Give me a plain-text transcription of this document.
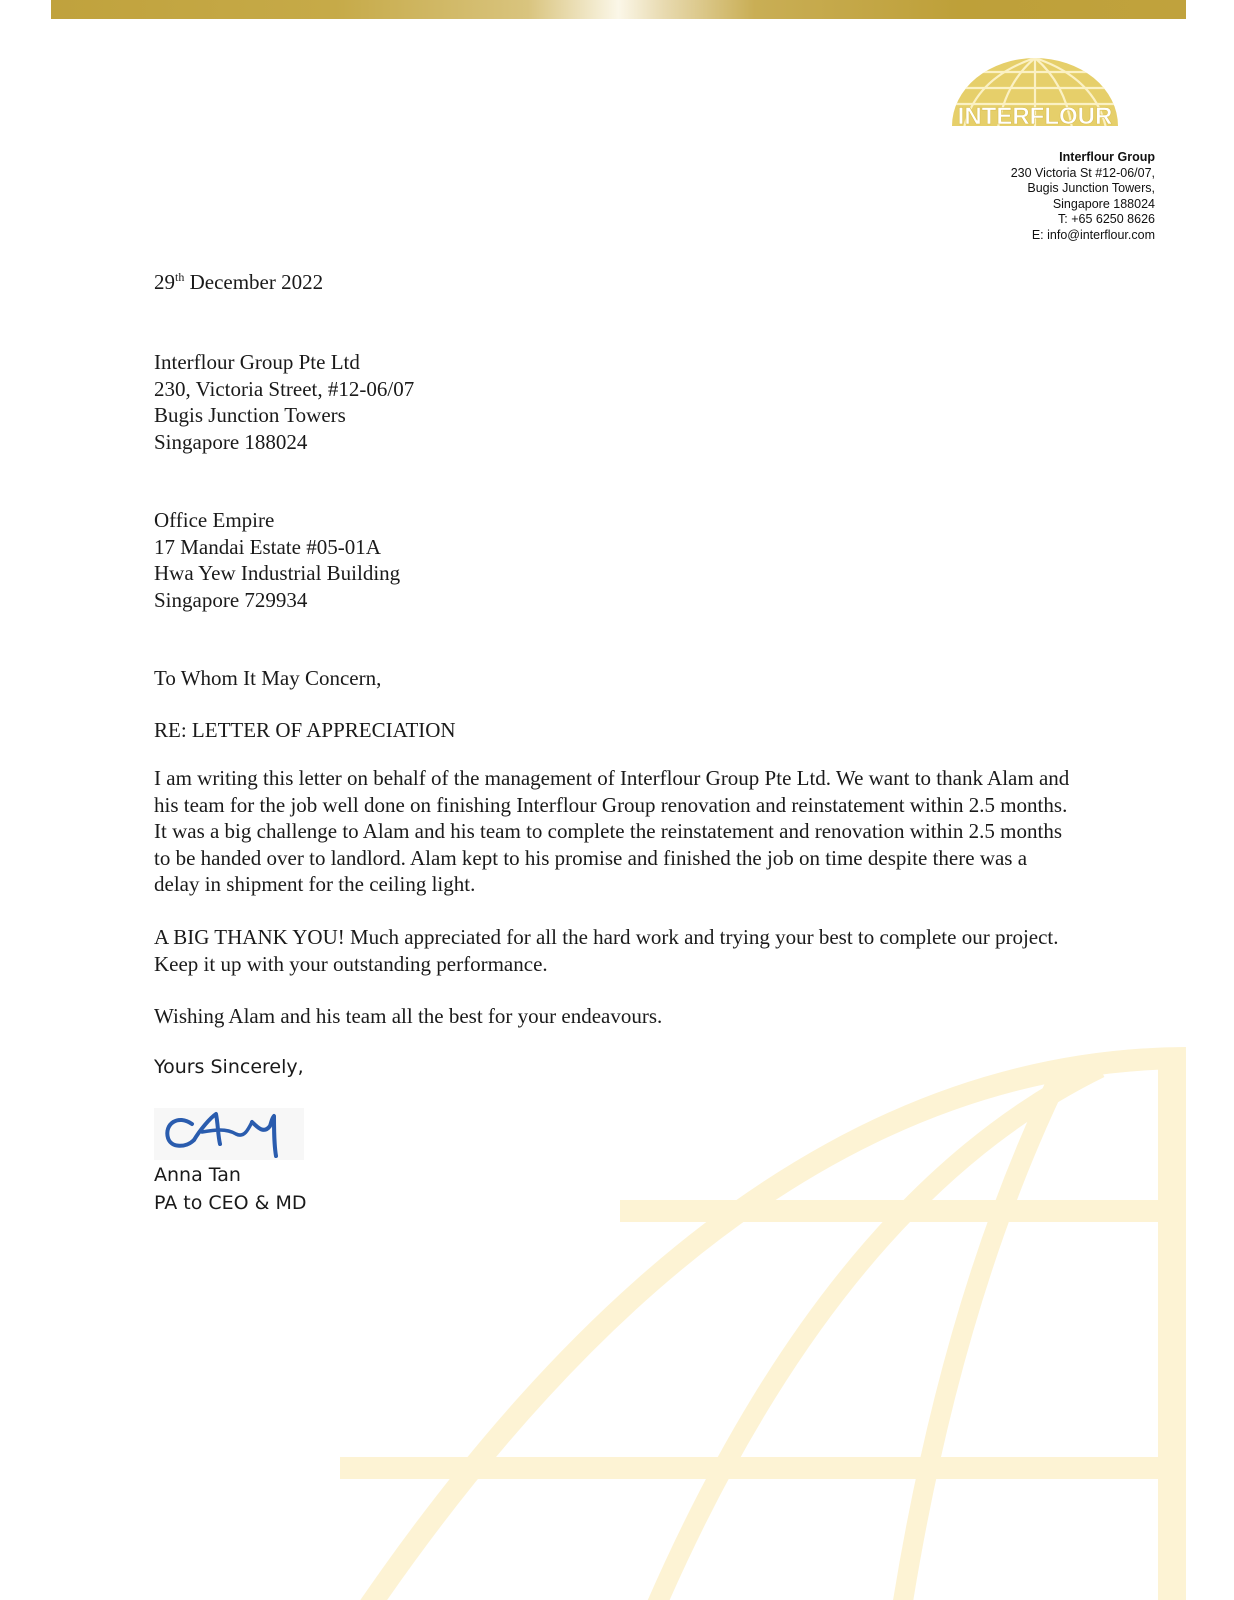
INTERFLOUR
Interflour Group
230 Victoria St #12-06/07,
Bugis Junction Towers,
Singapore 188024
T: +65 6250 8626
E: info@interflour.com
29th December 2022
Interflour Group Pte Ltd
230, Victoria Street, #12-06/07
Bugis Junction Towers
Singapore 188024
Office Empire
17 Mandai Estate #05-01A
Hwa Yew Industrial Building
Singapore 729934
To Whom It May Concern,
RE: LETTER OF APPRECIATION
I am writing this letter on behalf of the management of Interflour Group Pte Ltd. We want to thank Alam and his team for the job well done on finishing Interflour Group renovation and reinstatement within 2.5 months. It was a big challenge to Alam and his team to complete the reinstatement and renovation within 2.5 months to be handed over to landlord. Alam kept to his promise and finished the job on time despite there was a delay in shipment for the ceiling light.
A BIG THANK YOU! Much appreciated for all the hard work and trying your best to complete our project. Keep it up with your outstanding performance.
Wishing Alam and his team all the best for your endeavours.
Yours Sincerely,
Anna Tan
PA to CEO & MD
